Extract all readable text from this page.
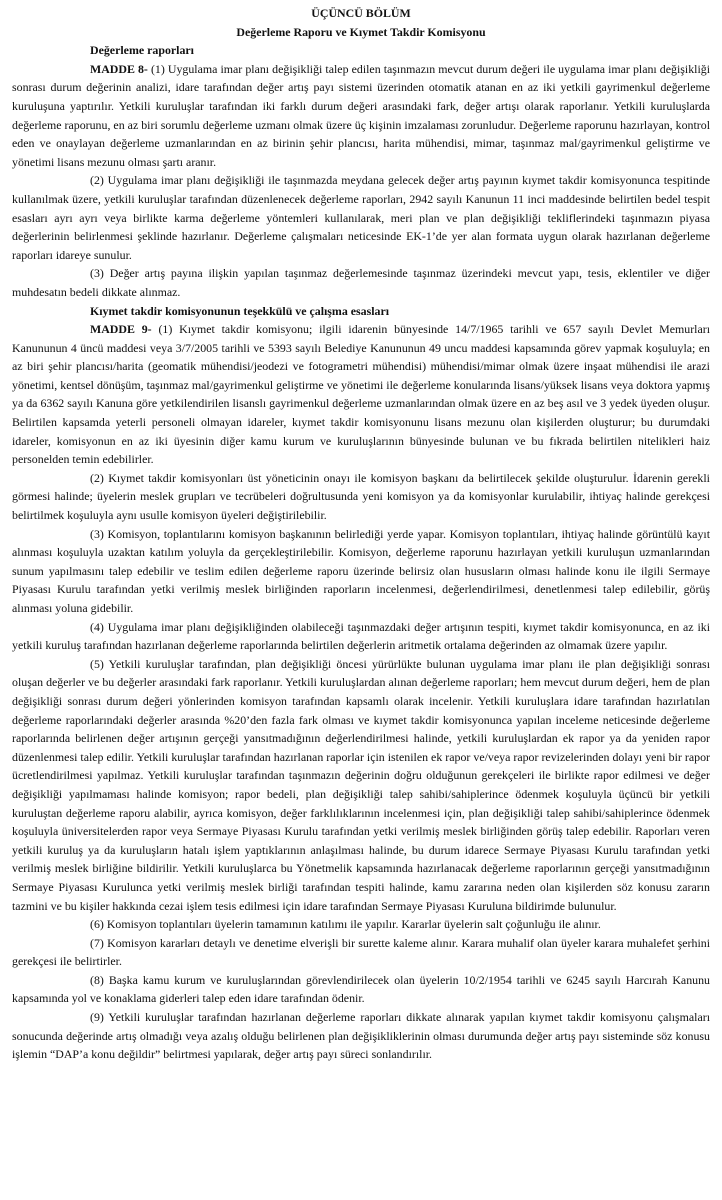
ÜÇÜNCÜ BÖLÜM
Değerleme Raporu ve Kıymet Takdir Komisyonu
Değerleme raporları

MADDE 8- (1) Uygulama imar planı değişikliği talep edilen taşınmazın mevcut durum değeri ile uygulama imar planı değişikliği sonrası durum değerinin analizi, idare tarafından değer artış payı sistemi üzerinden otomatik atanan en az iki yetkili gayrimenkul değerleme kuruluşuna yaptırılır. Yetkili kuruluşlar tarafından iki farklı durum değeri arasındaki fark, değer artışı olarak raporlanır. Yetkili kuruluşlarda değerleme raporunu, en az biri sorumlu değerleme uzmanı olmak üzere üç kişinin imzalaması zorunludur. Değerleme raporunu hazırlayan, kontrol eden ve onaylayan değerleme uzmanlarından en az birinin şehir plancısı, harita mühendisi, mimar, taşınmaz mal/gayrimenkul geliştirme ve yönetimi lisans mezunu olması şartı aranır.

(2) Uygulama imar planı değişikliği ile taşınmazda meydana gelecek değer artış payının kıymet takdir komisyonunca tespitinde kullanılmak üzere, yetkili kuruluşlar tarafından düzenlenecek değerleme raporları, 2942 sayılı Kanunun 11 inci maddesinde belirtilen bedel tespit esasları ayrı ayrı veya birlikte karma değerleme yöntemleri kullanılarak, meri plan ve plan değişikliği tekliflerindeki taşınmazın piyasa değerlerinin belirlenmesi şeklinde hazırlanır. Değerleme çalışmaları neticesinde EK-1’de yer alan formata uygun olarak hazırlanan değerleme raporları idareye sunulur.

(3) Değer artış payına ilişkin yapılan taşınmaz değerlemesinde taşınmaz üzerindeki mevcut yapı, tesis, eklentiler ve diğer muhdesatın bedeli dikkate alınmaz.

Kıymet takdir komisyonunun teşekkülü ve çalışma esasları

MADDE 9- (1) Kıymet takdir komisyonu; ilgili idarenin bünyesinde 14/7/1965 tarihli ve 657 sayılı Devlet Memurları Kanununun 4 üncü maddesi veya 3/7/2005 tarihli ve 5393 sayılı Belediye Kanununun 49 uncu maddesi kapsamında görev yapmak koşuluyla; en az biri şehir plancısı/harita (geomatik mühendisi/jeodezi ve fotogrametri mühendisi) mühendisi/mimar olmak üzere inşaat mühendisi ile arazi yönetimi, kentsel dönüşüm, taşınmaz mal/gayrimenkul geliştirme ve yönetimi ile değerleme konularında lisans/yüksek lisans veya doktora yapmış ya da 6362 sayılı Kanuna göre yetkilendirilen lisanslı gayrimenkul değerleme uzmanlarından olmak üzere en az beş asıl ve 3 yedek üyeden oluşur. Belirtilen kapsamda yeterli personeli olmayan idareler, kıymet takdir komisyonunu lisans mezunu olan kişilerden oluşturur; bu durumdaki idareler, komisyonun en az iki üyesinin diğer kamu kurum ve kuruluşlarının bünyesinde bulunan ve bu fıkrada belirtilen nitelikleri haiz personelden temin edebilirler.

(2) Kıymet takdir komisyonları üst yöneticinin onayı ile komisyon başkanı da belirtilecek şekilde oluşturulur. İdarenin gerekli görmesi halinde; üyelerin meslek grupları ve tecrübeleri doğrultusunda yeni komisyon ya da komisyonlar kurulabilir, ihtiyaç halinde gerekçesi belirtilmek koşuluyla aynı usulle komisyon üyeleri değiştirilebilir.

(3) Komisyon, toplantılarını komisyon başkanının belirlediği yerde yapar. Komisyon toplantıları, ihtiyaç halinde görüntülü kayıt alınması koşuluyla uzaktan katılım yoluyla da gerçekleştirilebilir. Komisyon, değerleme raporunu hazırlayan yetkili kuruluşun uzmanlarından sunum yapılmasını talep edebilir ve teslim edilen değerleme raporu üzerinde belirsiz olan hususların olması halinde konu ile ilgili Sermaye Piyasası Kurulu tarafından yetki verilmiş meslek birliğinden raporların incelenmesi, değerlendirilmesi, denetlenmesi talep edilebilir, görüş alınması yoluna gidebilir.

(4) Uygulama imar planı değişikliğinden olabileceği taşınmazdaki değer artışının tespiti, kıymet takdir komisyonunca, en az iki yetkili kuruluş tarafından hazırlanan değerleme raporlarında belirtilen değerlerin aritmetik ortalama değerinden az olmamak üzere yapılır.

(5) Yetkili kuruluşlar tarafından, plan değişikliği öncesi yürürlükte bulunan uygulama imar planı ile plan değişikliği sonrası oluşan değerler ve bu değerler arasındaki fark raporlanır. Yetkili kuruluşlardan alınan değerleme raporları; hem mevcut durum değeri, hem de plan değişikliği sonrası durum değeri yönlerinden komisyon tarafından kapsamlı olarak incelenir. Yetkili kuruluşlara idare tarafından hazırlatılan değerleme raporlarındaki değerler arasında %20’den fazla fark olması ve kıymet takdir komisyonunca yapılan inceleme neticesinde değerleme raporlarında belirlenen değer artışının gerçeği yansıtmadığının değerlendirilmesi halinde, yetkili kuruluşlardan ek rapor ya da yeniden rapor düzenlenmesi talep edilir. Yetkili kuruluşlar tarafından hazırlanan raporlar için istenilen ek rapor ve/veya rapor revizelerinden dolayı yeni bir rapor ücretlendirilmesi yapılmaz. Yetkili kuruluşlar tarafından taşınmazın değerinin doğru olduğunun gerekçeleri ile birlikte rapor edilmesi ve değer değişikliği yapılmaması halinde komisyon; rapor bedeli, plan değişikliği talep sahibi/sahiplerince ödenmek koşuluyla üçüncü bir yetkili kuruluştan değerleme raporu alabilir, ayrıca komisyon, değer farklılıklarının incelenmesi için, plan değişikliği talep sahibi/sahiplerince ödenmek koşuluyla üniversitelerden rapor veya Sermaye Piyasası Kurulu tarafından yetki verilmiş meslek birliğinden görüş talep edebilir. Raporları veren yetkili kuruluş ya da kuruluşların hatalı işlem yaptıklarının anlaşılması halinde, bu durum idarece Sermaye Piyasası Kurulu tarafından yetki verilmiş meslek birliğine bildirilir. Yetkili kuruluşlarca bu Yönetmelik kapsamında hazırlanacak değerleme raporlarının gerçeği yansıtmadığının Sermaye Piyasası Kurulunca yetki verilmiş meslek birliği tarafından tespiti halinde, kamu zararına neden olan kişilerden söz konusu zararın tazmini ve bu kişiler hakkında cezai işlem tesis edilmesi için idare tarafından Sermaye Piyasası Kuruluna bildirimde bulunulur.

(6) Komisyon toplantıları üyelerin tamamının katılımı ile yapılır. Kararlar üyelerin salt çoğunluğu ile alınır.

(7) Komisyon kararları detaylı ve denetime elverişli bir surette kaleme alınır. Karara muhalif olan üyeler karara muhalefet şerhini gerekçesi ile belirtirler.

(8) Başka kamu kurum ve kuruluşlarından görevlendirilecek olan üyelerin 10/2/1954 tarihli ve 6245 sayılı Harcırah Kanunu kapsamında yol ve konaklama giderleri talep eden idare tarafından ödenir.

(9) Yetkili kuruluşlar tarafından hazırlanan değerleme raporları dikkate alınarak yapılan kıymet takdir komisyonu çalışmaları sonucunda değerinde artış olmadığı veya azalış olduğu belirlenen plan değişikliklerinin olması durumunda değer artış payı sisteminde söz konusu işlemin “DAP’a konu değildir” belirtmesi yapılarak, değer artış payı süreci sonlandırılır.
